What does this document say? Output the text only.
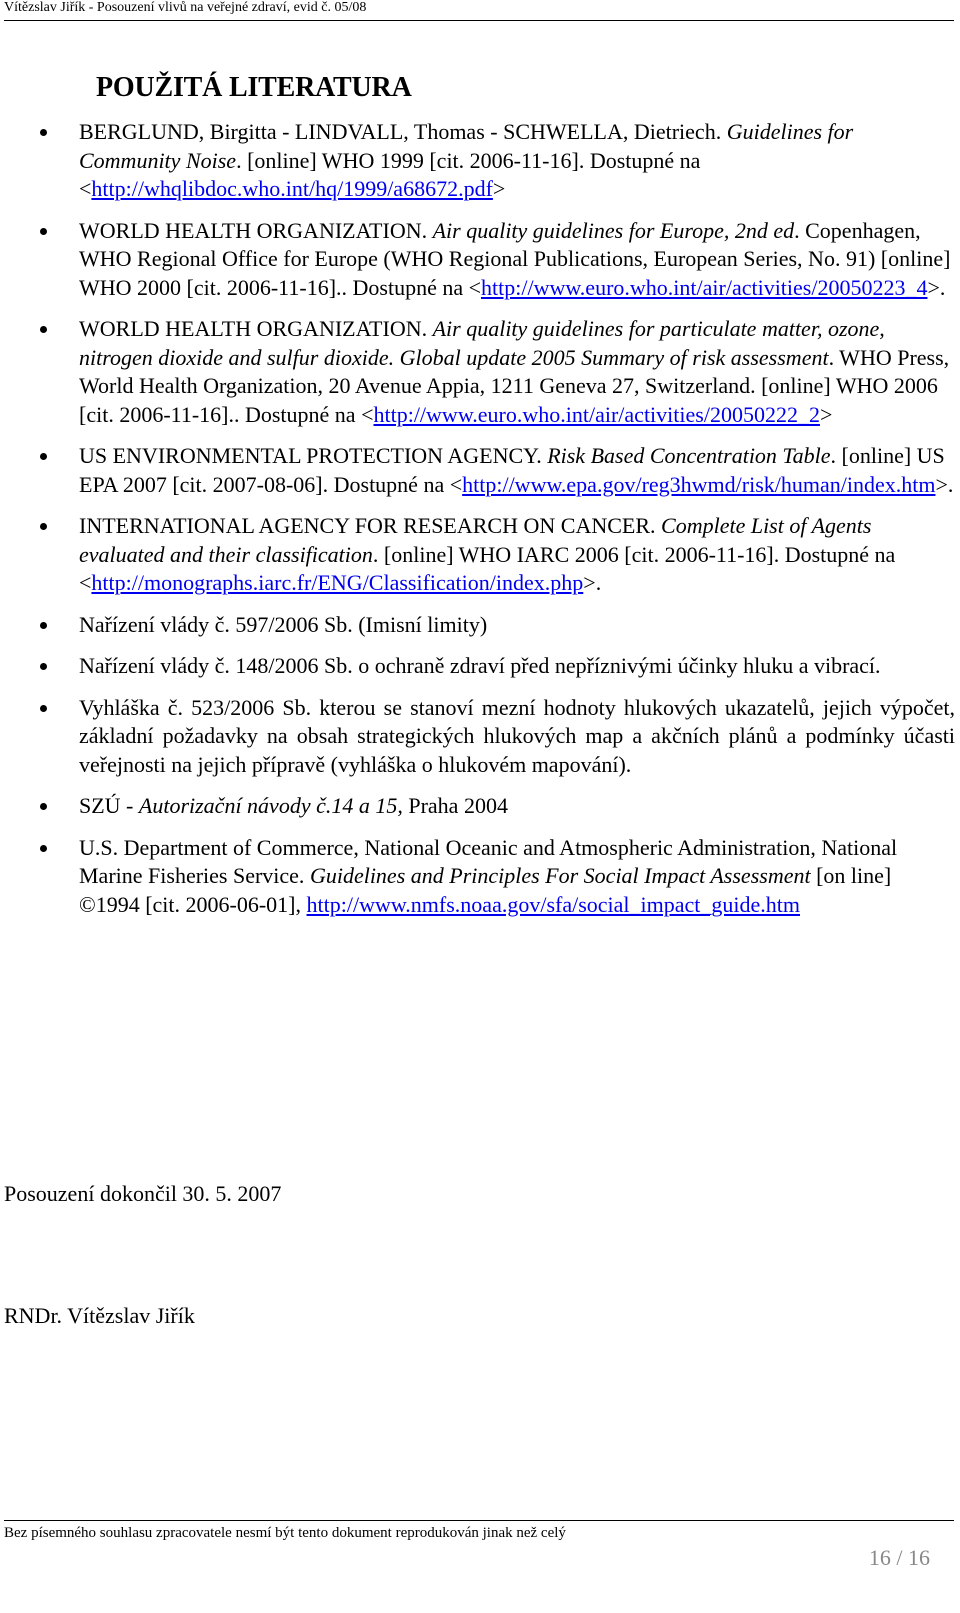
Vítězslav Jiřík - Posouzení vlivů na veřejné zdraví, evid č. 05/08
POUŽITÁ LITERATURA
BERGLUND, Birgitta - LINDVALL, Thomas - SCHWELLA, Dietriech. Guidelines for Community Noise. [online] WHO 1999 [cit. 2006-11-16]. Dostupné na <http://whqlibdoc.who.int/hq/1999/a68672.pdf>
WORLD HEALTH ORGANIZATION. Air quality guidelines for Europe, 2nd ed. Copenhagen, WHO Regional Office for Europe (WHO Regional Publications, European Series, No. 91) [online] WHO 2000 [cit. 2006-11-16].. Dostupné na <http://www.euro.who.int/air/activities/20050223_4>.
WORLD HEALTH ORGANIZATION. Air quality guidelines for particulate matter, ozone, nitrogen dioxide and sulfur dioxide. Global update 2005 Summary of risk assessment. WHO Press, World Health Organization, 20 Avenue Appia, 1211 Geneva 27, Switzerland. [online] WHO 2006 [cit. 2006-11-16].. Dostupné na <http://www.euro.who.int/air/activities/20050222_2>
US ENVIRONMENTAL PROTECTION AGENCY. Risk Based Concentration Table. [online] US EPA 2007 [cit. 2007-08-06]. Dostupné na <http://www.epa.gov/reg3hwmd/risk/human/index.htm>.
INTERNATIONAL AGENCY FOR RESEARCH ON CANCER. Complete List of Agents evaluated and their classification. [online] WHO IARC 2006 [cit. 2006-11-16]. Dostupné na <http://monographs.iarc.fr/ENG/Classification/index.php>.
Nařízení vlády č. 597/2006 Sb. (Imisní limity)
Nařízení vlády č. 148/2006 Sb. o ochraně zdraví před nepříznivými účinky hluku a vibrací.
Vyhláška č. 523/2006 Sb. kterou se stanoví mezní hodnoty hlukových ukazatelů, jejich výpočet, základní požadavky na obsah strategických hlukových map a akčních plánů a podmínky účasti veřejnosti na jejich přípravě (vyhláška o hlukovém mapování).
SZÚ - Autorizační návody č.14 a 15, Praha 2004
U.S. Department of Commerce, National Oceanic and Atmospheric Administration, National Marine Fisheries Service. Guidelines and Principles For Social Impact Assessment [on line] ©1994 [cit. 2006-06-01], http://www.nmfs.noaa.gov/sfa/social_impact_guide.htm
Posouzení dokončil 30. 5. 2007
RNDr. Vítězslav Jiřík
Bez písemného souhlasu zpracovatele nesmí být tento dokument reprodukován jinak než celý
16 / 16
